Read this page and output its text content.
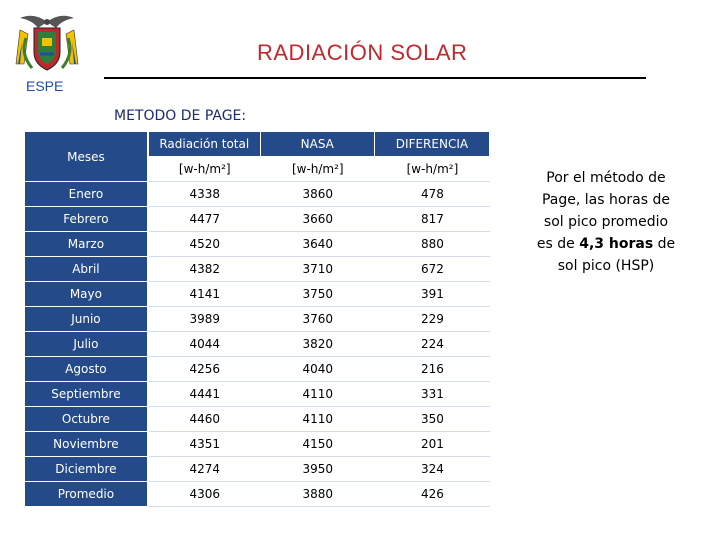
ESPE
RADIACIÓN SOLAR
METODO DE PAGE:
Meses	Radiación total	NASA	DIFERENCIA
	[w-h/m²]	[w-h/m²]	[w-h/m²]
Enero	4338	3860	478
Febrero	4477	3660	817
Marzo	4520	3640	880
Abril	4382	3710	672
Mayo	4141	3750	391
Junio	3989	3760	229
Julio	4044	3820	224
Agosto	4256	4040	216
Septiembre	4441	4110	331
Octubre	4460	4110	350
Noviembre	4351	4150	201
Diciembre	4274	3950	324
Promedio	4306	3880	426
Por el método de Page, las horas de sol pico promedio es de 4,3 horas de sol pico (HSP)
